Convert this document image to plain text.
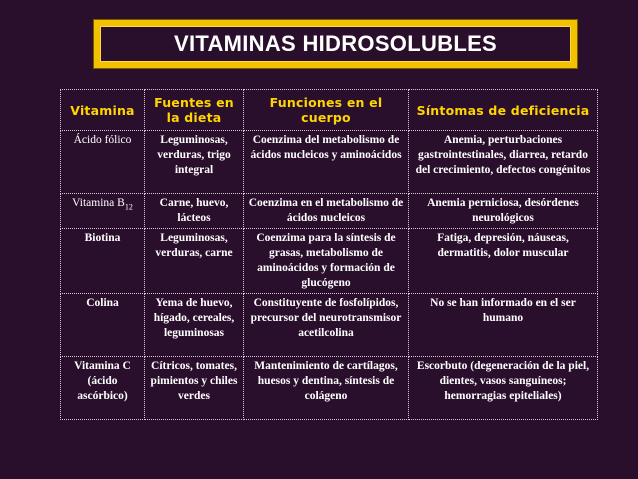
VITAMINAS HIDROSOLUBLES
Vitamina	Fuentes en la dieta	Funciones en el cuerpo	Síntomas de deficiencia
Ácido fólico	Leguminosas, verduras, trigo integral	Coenzima del metabolismo de ácidos nucleicos y aminoácidos	Anemia, perturbaciones gastrointestinales, diarrea, retardo del crecimiento, defectos congénitos
Vitamina $B_{12}$	Carne, huevo, lácteos	Coenzima en el metabolismo de ácidos nucleicos	Anemia perniciosa, desórdenes neurológicos
Biotina	Leguminosas, verduras, carne	Coenzima para la síntesis de grasas, metabolismo de aminoácidos y formación de glucógeno	Fatiga, depresión, náuseas, dermatitis, dolor muscular
Colina	Yema de huevo, hígado, cereales, leguminosas	Constituyente de fosfolípidos, precursor del neurotransmisor acetilcolina	No se han informado en el ser humano
Vitamina C (ácido ascórbico)	Cítricos, tomates, pimientos y chiles verdes	Mantenimiento de cartílagos, huesos y dentina, síntesis de colágeno	Escorbuto (degeneración de la piel, dientes, vasos sanguíneos; hemorragias epiteliales)
